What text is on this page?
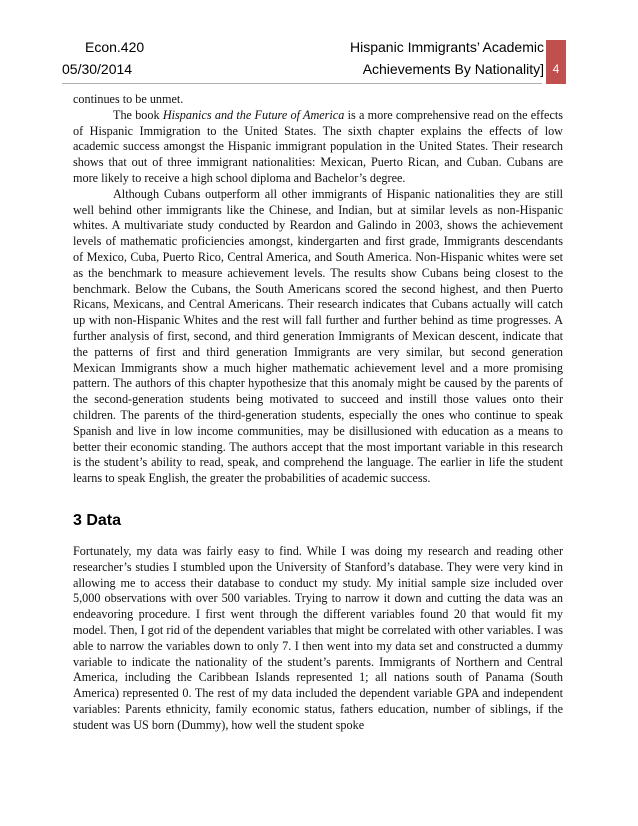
Econ.420
05/30/2014
Hispanic Immigrants’ Academic
Achievements By Nationality] 4

continues to be unmet.

The book Hispanics and the Future of America is a more comprehensive read on the effects of Hispanic Immigration to the United States. The sixth chapter explains the effects of low academic success amongst the Hispanic immigrant population in the United States. Their research shows that out of three immigrant nationalities: Mexican, Puerto Rican, and Cuban. Cubans are more likely to receive a high school diploma and Bachelor’s degree.

Although Cubans outperform all other immigrants of Hispanic nationalities they are still well behind other immigrants like the Chinese, and Indian, but at similar levels as non-Hispanic whites. A multivariate study conducted by Reardon and Galindo in 2003, shows the achievement levels of mathematic proficiencies amongst, kindergarten and first grade, Immigrants descendants of Mexico, Cuba, Puerto Rico, Central America, and South America. Non-Hispanic whites were set as the benchmark to measure achievement levels. The results show Cubans being closest to the benchmark. Below the Cubans, the South Americans scored the second highest, and then Puerto Ricans, Mexicans, and Central Americans. Their research indicates that Cubans actually will catch up with non-Hispanic Whites and the rest will fall further and further behind as time progresses. A further analysis of first, second, and third generation Immigrants of Mexican descent, indicate that the patterns of first and third generation Immigrants are very similar, but second generation Mexican Immigrants show a much higher mathematic achievement level and a more promising pattern. The authors of this chapter hypothesize that this anomaly might be caused by the parents of the second-generation students being motivated to succeed and instill those values onto their children. The parents of the third-generation students, especially the ones who continue to speak Spanish and live in low income communities, may be disillusioned with education as a means to better their economic standing. The authors accept that the most important variable in this research is the student’s ability to read, speak, and comprehend the language. The earlier in life the student learns to speak English, the greater the probabilities of academic success.

3 Data

Fortunately, my data was fairly easy to find. While I was doing my research and reading other researcher’s studies I stumbled upon the University of Stanford’s database. They were very kind in allowing me to access their database to conduct my study. My initial sample size included over 5,000 observations with over 500 variables. Trying to narrow it down and cutting the data was an endeavoring procedure. I first went through the different variables found 20 that would fit my model. Then, I got rid of the dependent variables that might be correlated with other variables. I was able to narrow the variables down to only 7. I then went into my data set and constructed a dummy variable to indicate the nationality of the student’s parents. Immigrants of Northern and Central America, including the Caribbean Islands represented 1; all nations south of Panama (South America) represented 0. The rest of my data included the dependent variable GPA and independent variables: Parents ethnicity, family economic status, fathers education, number of siblings, if the student was US born (Dummy), how well the student spoke
